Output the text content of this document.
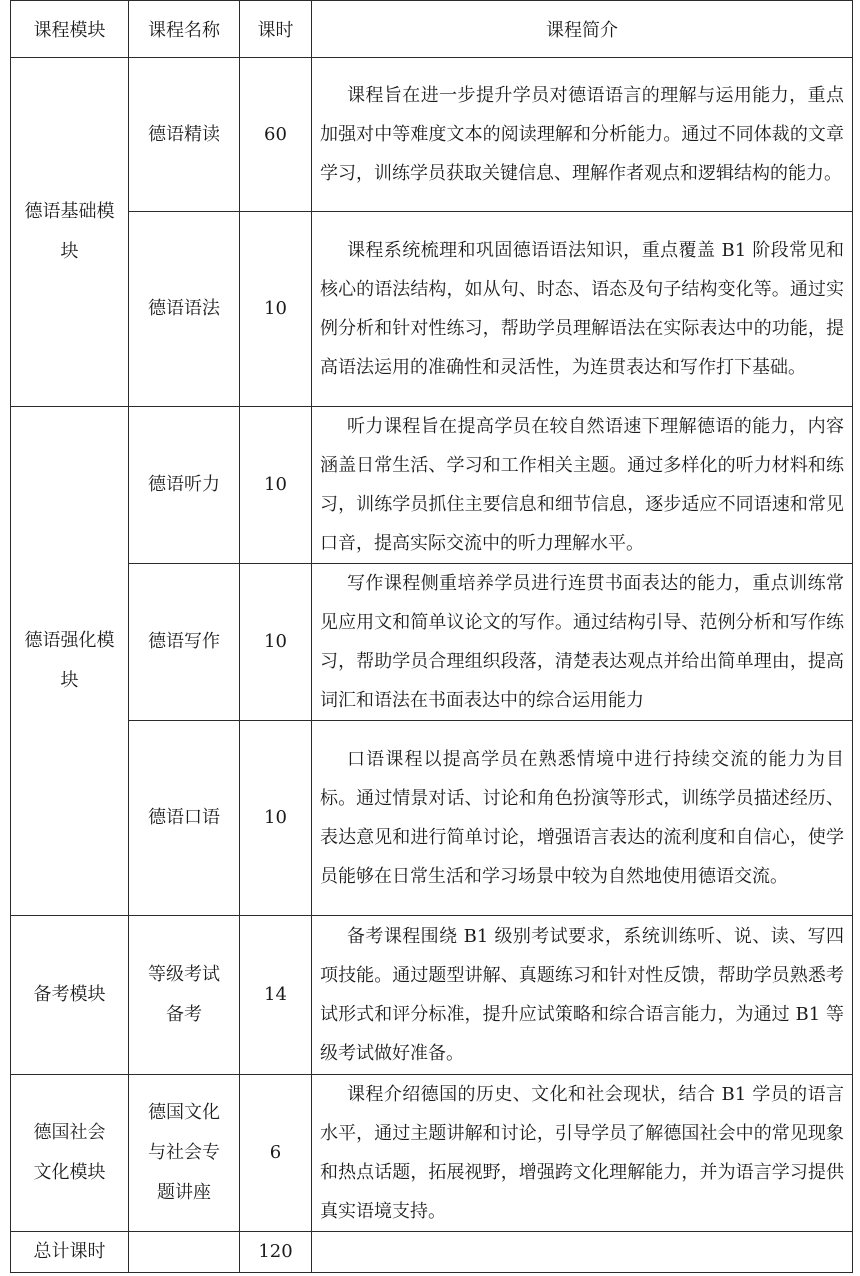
课程模块	课程名称	课时	课程简介
德语基础模块	德语精读	60	课程旨在进一步提升学员对德语语言的理解与运用能力，重点加强对中等难度文本的阅读理解和分析能力。通过不同体裁的文章学习，训练学员获取关键信息、理解作者观点和逻辑结构的能力。
	德语语法	10	课程系统梳理和巩固德语语法知识，重点覆盖 B1 阶段常见和核心的语法结构，如从句、时态、语态及句子结构变化等。通过实例分析和针对性练习，帮助学员理解语法在实际表达中的功能，提高语法运用的准确性和灵活性，为连贯表达和写作打下基础。
德语强化模块	德语听力	10	听力课程旨在提高学员在较自然语速下理解德语的能力，内容涵盖日常生活、学习和工作相关主题。通过多样化的听力材料和练习，训练学员抓住主要信息和细节信息，逐步适应不同语速和常见口音，提高实际交流中的听力理解水平。
	德语写作	10	写作课程侧重培养学员进行连贯书面表达的能力，重点训练常见应用文和简单议论文的写作。通过结构引导、范例分析和写作练习，帮助学员合理组织段落，清楚表达观点并给出简单理由，提高词汇和语法在书面表达中的综合运用能力
	德语口语	10	口语课程以提高学员在熟悉情境中进行持续交流的能力为目标。通过情景对话、讨论和角色扮演等形式，训练学员描述经历、表达意见和进行简单讨论，增强语言表达的流利度和自信心，使学员能够在日常生活和学习场景中较为自然地使用德语交流。
备考模块	等级考试备考	14	备考课程围绕 B1 级别考试要求，系统训练听、说、读、写四项技能。通过题型讲解、真题练习和针对性反馈，帮助学员熟悉考试形式和评分标准，提升应试策略和综合语言能力，为通过 B1 等级考试做好准备。
德国社会文化模块	德国文化与社会专题讲座	6	课程介绍德国的历史、文化和社会现状，结合 B1 学员的语言水平，通过主题讲解和讨论，引导学员了解德国社会中的常见现象和热点话题，拓展视野，增强跨文化理解能力，并为语言学习提供真实语境支持。
总计课时		120	
